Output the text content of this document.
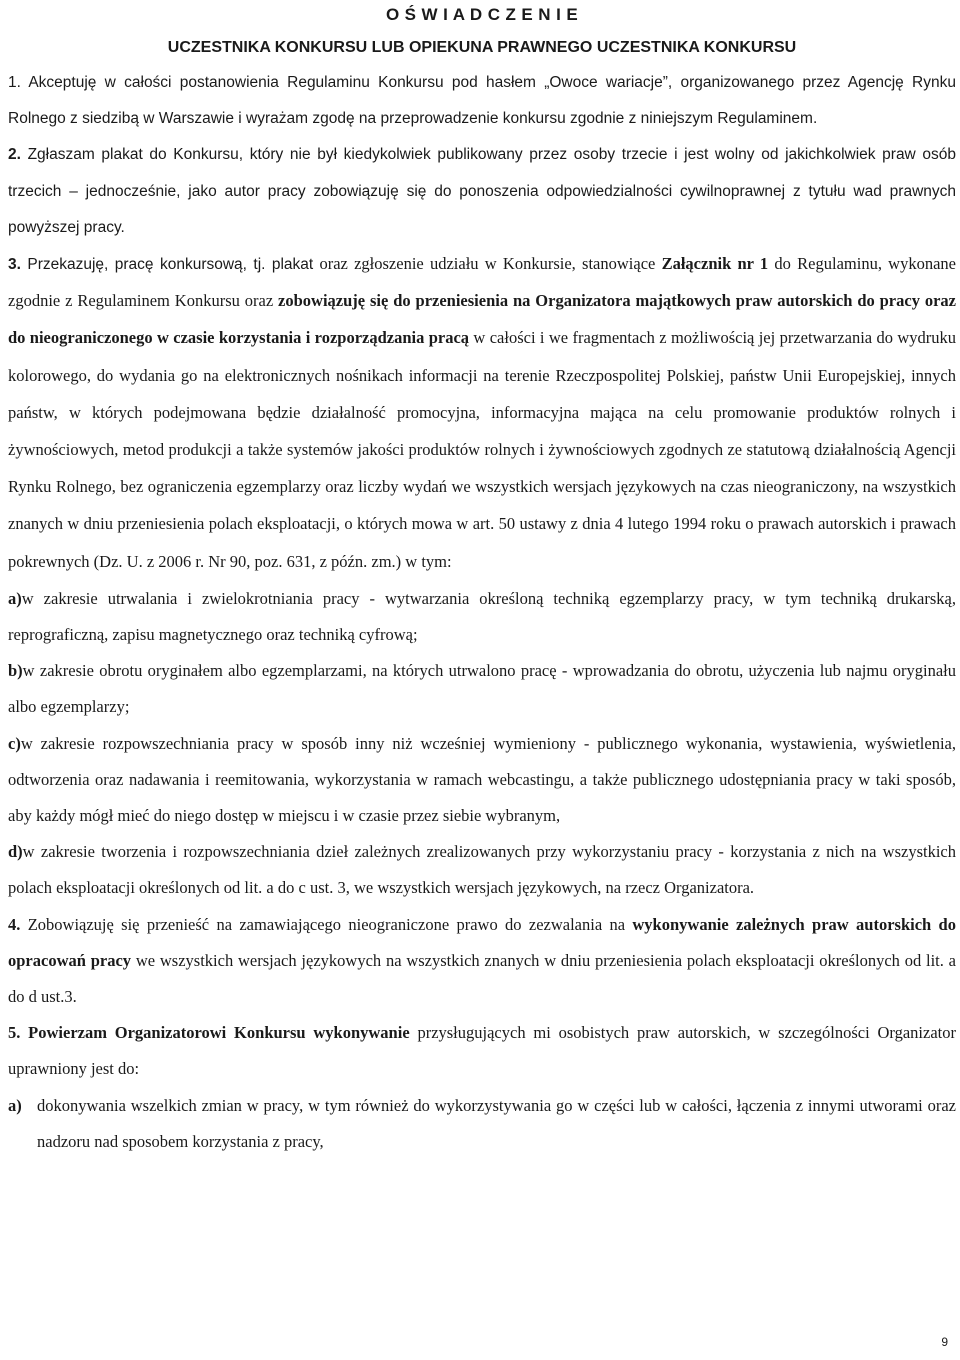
O Ś W I A D C Z E N I E
UCZESTNIKA KONKURSU LUB OPIEKUNA PRAWNEGO UCZESTNIKA KONKURSU

1. Akceptuję w całości postanowienia Regulaminu Konkursu pod hasłem „Owoce wariacje”, organizowanego przez Agencję Rynku Rolnego z siedzibą w Warszawie i wyrażam zgodę na przeprowadzenie konkursu zgodnie z niniejszym Regulaminem.

2. Zgłaszam plakat do Konkursu, który nie był kiedykolwiek publikowany przez osoby trzecie i jest wolny od jakichkolwiek praw osób trzecich – jednocześnie, jako autor pracy zobowiązuję się do ponoszenia odpowiedzialności cywilnoprawnej z tytułu wad prawnych powyższej pracy.

3. Przekazuję, pracę konkursową, tj. plakat oraz zgłoszenie udziału w Konkursie, stanowiące Załącznik nr 1 do Regulaminu, wykonane zgodnie z Regulaminem Konkursu oraz zobowiązuję się do przeniesienia na Organizatora majątkowych praw autorskich do pracy oraz do nieograniczonego w czasie korzystania i rozporządzania pracą w całości i we fragmentach z możliwością jej przetwarzania do wydruku kolorowego, do wydania go na elektronicznych nośnikach informacji na terenie Rzeczpospolitej Polskiej, państw Unii Europejskiej, innych państw, w których podejmowana będzie działalność promocyjna, informacyjna mająca na celu promowanie produktów rolnych i żywnościowych, metod produkcji a także systemów jakości produktów rolnych i żywnościowych zgodnych ze statutową działalnością Agencji Rynku Rolnego, bez ograniczenia egzemplarzy oraz liczby wydań we wszystkich wersjach językowych na czas nieograniczony, na wszystkich znanych w dniu przeniesienia polach eksploatacji, o których mowa w art. 50 ustawy z dnia 4 lutego 1994 roku o prawach autorskich i prawach pokrewnych (Dz. U. z 2006 r. Nr 90, poz. 631, z późn. zm.) w tym:

a)w zakresie utrwalania i zwielokrotniania pracy - wytwarzania określoną techniką egzemplarzy pracy, w tym techniką drukarską, reprograficzną, zapisu magnetycznego oraz techniką cyfrową;

b)w zakresie obrotu oryginałem albo egzemplarzami, na których utrwalono pracę - wprowadzania do obrotu, użyczenia lub najmu oryginału albo egzemplarzy;

c)w zakresie rozpowszechniania pracy w sposób inny niż wcześniej wymieniony - publicznego wykonania, wystawienia, wyświetlenia, odtworzenia oraz nadawania i reemitowania, wykorzystania w ramach webcastingu, a także publicznego udostępniania pracy w taki sposób, aby każdy mógł mieć do niego dostęp w miejscu i w czasie przez siebie wybranym,

d)w zakresie tworzenia i rozpowszechniania dzieł zależnych zrealizowanych przy wykorzystaniu pracy - korzystania z nich na wszystkich polach eksploatacji określonych od lit. a do c ust. 3, we wszystkich wersjach językowych, na rzecz Organizatora.

4. Zobowiązuję się przenieść na zamawiającego nieograniczone prawo do zezwalania na wykonywanie zależnych praw autorskich do opracowań pracy we wszystkich wersjach językowych na wszystkich znanych w dniu przeniesienia polach eksploatacji określonych od lit. a do d ust.3.

5. Powierzam Organizatorowi Konkursu wykonywanie przysługujących mi osobistych praw autorskich, w szczególności Organizator uprawniony jest do:

a) dokonywania wszelkich zmian w pracy, w tym również do wykorzystywania go w części lub w całości, łączenia z innymi utworami oraz nadzoru nad sposobem korzystania z pracy,

9
